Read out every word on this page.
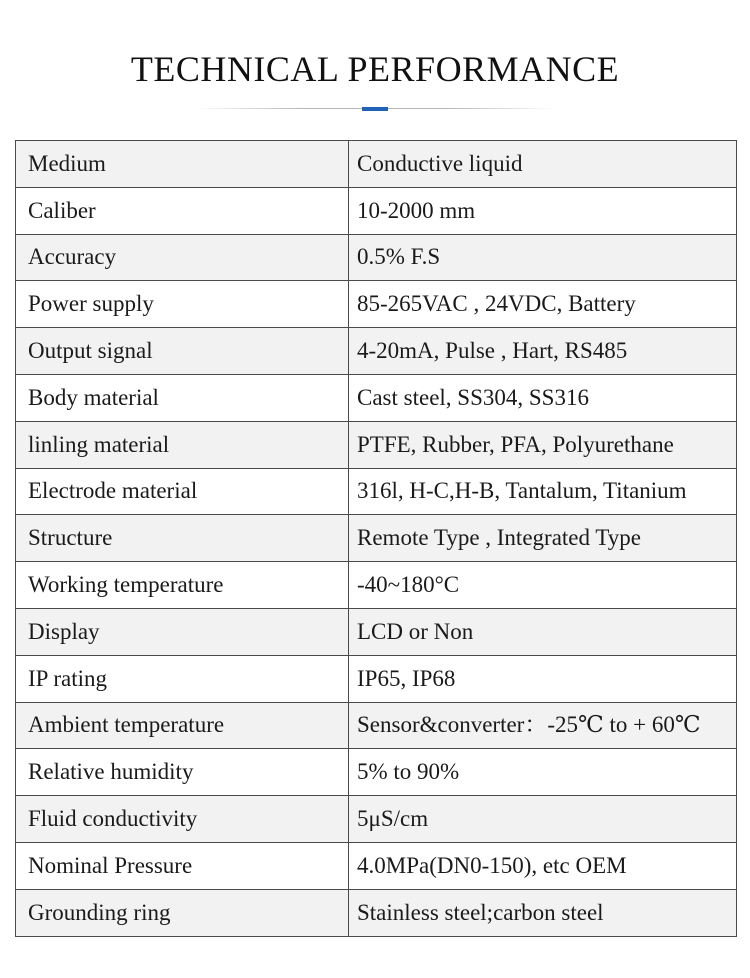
TECHNICAL PERFORMANCE
Medium	Conductive liquid
Caliber	10-2000 mm
Accuracy	0.5% F.S
Power supply	85-265VAC , 24VDC, Battery
Output signal	4-20mA, Pulse , Hart, RS485
Body material	Cast steel, SS304, SS316
linling material	PTFE, Rubber, PFA, Polyurethane
Electrode material	316l, H-C,H-B, Tantalum, Titanium
Structure	Remote Type , Integrated Type
Working temperature	-40~180°C
Display	LCD or Non
IP rating	IP65, IP68
Ambient temperature	Sensor&converter：-25℃ to + 60℃
Relative humidity	5% to 90%
Fluid conductivity	5μS/cm
Nominal Pressure	4.0MPa(DN0-150), etc OEM
Grounding ring	Stainless steel;carbon steel
